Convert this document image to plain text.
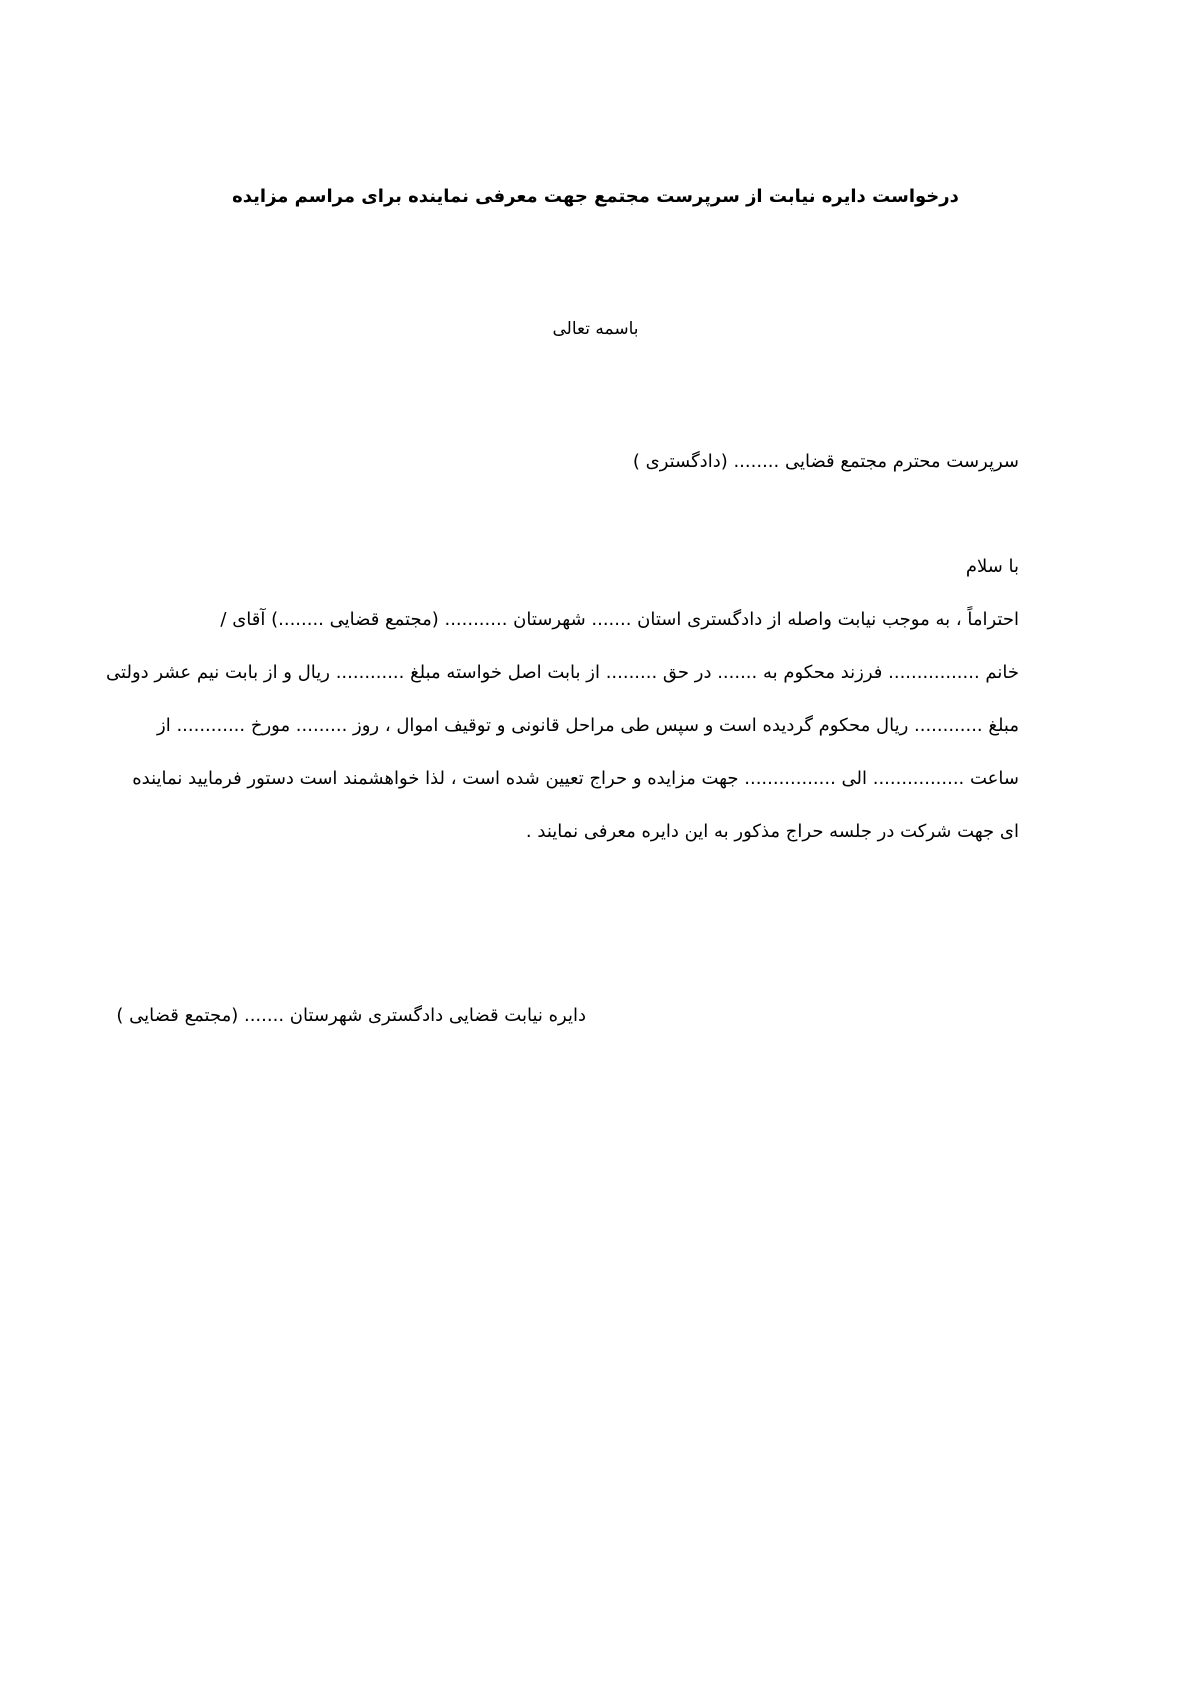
درخواست دایره نیابت از سرپرست مجتمع جهت معرفی نماینده برای مراسم مزایده
باسمه تعالی
سرپرست محترم مجتمع قضایی ........ (دادگستری )
با سلام
احتراماً ، به موجب نیابت واصله از دادگستری استان ....... شهرستان ........... (مجتمع قضایی ........) آقای /
خانم ................ فرزند محکوم به ....... در حق ......... از بابت اصل خواسته مبلغ ............ ریال و از بابت نیم عشر دولتی
مبلغ ............ ریال محکوم گردیده است و سپس طی مراحل قانونی و توقیف اموال ، روز ......... مورخ ............ از
ساعت ................ الی ................ جهت مزایده و حراج تعیین شده است ، لذا خواهشمند است دستور فرمایید نماینده
ای جهت شرکت در جلسه حراج مذکور به این دایره معرفی نمایند .
دایره نیابت قضایی دادگستری شهرستان ....... (مجتمع قضایی )
